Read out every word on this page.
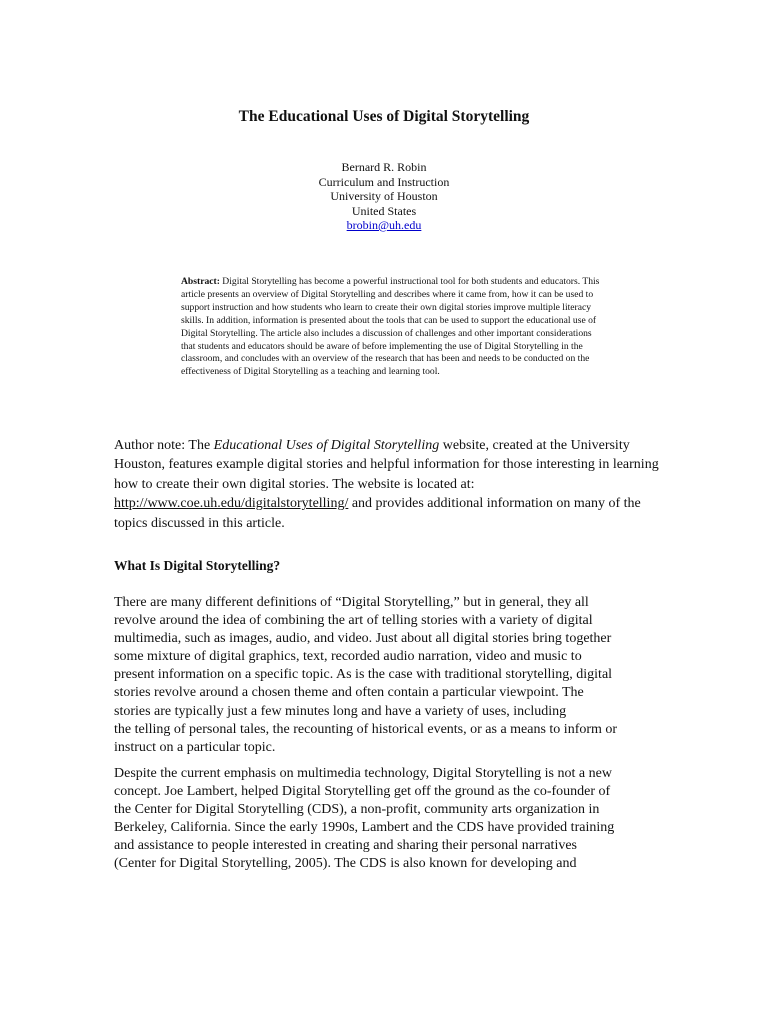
The Educational Uses of Digital Storytelling
Bernard R. Robin
Curriculum and Instruction
University of Houston
United States
brobin@uh.edu
Abstract: Digital Storytelling has become a powerful instructional tool for both students and educators. This article presents an overview of Digital Storytelling and describes where it came from, how it can be used to support instruction and how students who learn to create their own digital stories improve multiple literacy skills. In addition, information is presented about the tools that can be used to support the educational use of Digital Storytelling. The article also includes a discussion of challenges and other important considerations that students and educators should be aware of before implementing the use of Digital Storytelling in the classroom, and concludes with an overview of the research that has been and needs to be conducted on the effectiveness of Digital Storytelling as a teaching and learning tool.
Author note: The Educational Uses of Digital Storytelling website, created at the University Houston, features example digital stories and helpful information for those interesting in learning how to create their own digital stories. The website is located at: http://www.coe.uh.edu/digitalstorytelling/ and provides additional information on many of the topics discussed in this article.
What Is Digital Storytelling?
There are many different definitions of “Digital Storytelling,” but in general, they all
revolve around the idea of combining the art of telling stories with a variety of digital
multimedia, such as images, audio, and video. Just about all digital stories bring together
some mixture of digital graphics, text, recorded audio narration, video and music to
present information on a specific topic. As is the case with traditional storytelling, digital
stories revolve around a chosen theme and often contain a particular viewpoint. The
stories are typically just a few minutes long and have a variety of uses, including
the telling of personal tales, the recounting of historical events, or as a means to inform or
instruct on a particular topic.
Despite the current emphasis on multimedia technology, Digital Storytelling is not a new
concept. Joe Lambert, helped Digital Storytelling get off the ground as the co-founder of
the Center for Digital Storytelling (CDS), a non-profit, community arts organization in
Berkeley, California. Since the early 1990s, Lambert and the CDS have provided training
and assistance to people interested in creating and sharing their personal narratives
(Center for Digital Storytelling, 2005). The CDS is also known for developing and
